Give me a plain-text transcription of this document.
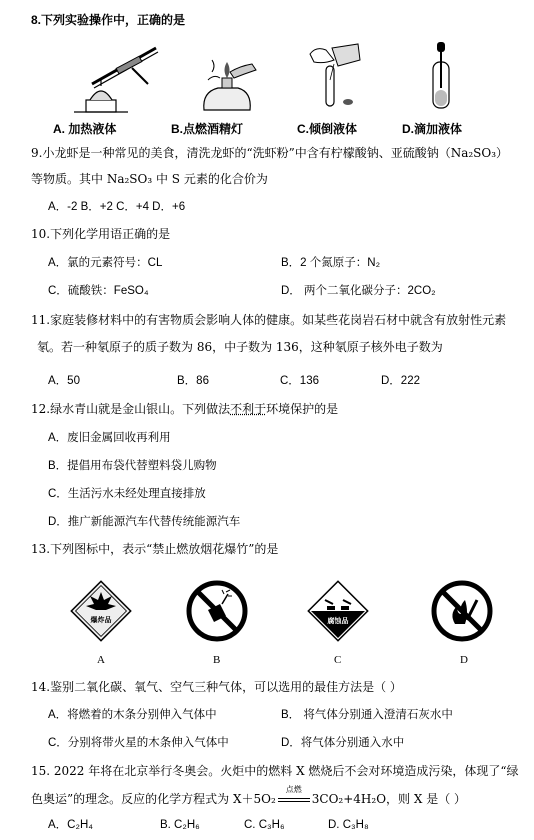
8.下列实验操作中，正确的是
A. 加热液体	B.点燃酒精灯	C.倾倒液体	D.滴加液体
9.小龙虾是一种常见的美食，清洗龙虾的“洗虾粉”中含有柠檬酸钠、亚硫酸钠（Na₂SO₃）
等物质。其中 Na₂SO₃ 中 S 元素的化合价为
A．-2 B．+2 C．+4 D．+6
10.下列化学用语正确的是
A．氯的元素符号：CL	B．2 个氮原子：N₂
C．硫酸铁：FeSO₄	D． 两个二氧化碳分子：2CO₂
11.家庭装修材料中的有害物质会影响人体的健康。如某些花岗岩石材中就含有放射性元素
氡。若一种氡原子的质子数为 86，中子数为 136，这种氡原子核外电子数为
A．50	B．86	C．136	D．222
12.绿水青山就是金山银山。下列做法不利于环境保护的是
A．废旧金属回收再利用
B．提倡用布袋代替塑料袋儿购物
C．生活污水未经处理直接排放
D．推广新能源汽车代替传统能源汽车
13.下列图标中，表示“禁止燃放烟花爆竹”的是
爆炸品	腐蚀品
A	B	C	D
14.鉴别二氧化碳、氧气、空气三种气体，可以选用的最佳方法是（ ）
A．将燃着的木条分别伸入气体中	B． 将气体分别通入澄清石灰水中
C．分别将带火星的木条伸入气体中	D．将气体分别通入水中
15. 2022 年将在北京举行冬奥会。火炬中的燃料 X 燃烧后不会对环境造成污染，体现了“绿
色奥运”的理念。反应的化学方程式为 X＋5O₂
点燃
3CO₂+4H₂O，则 X 是（ ）
A．C₂H₄	B. C₂H₆	C. C₃H₆	D. C₃H₈
